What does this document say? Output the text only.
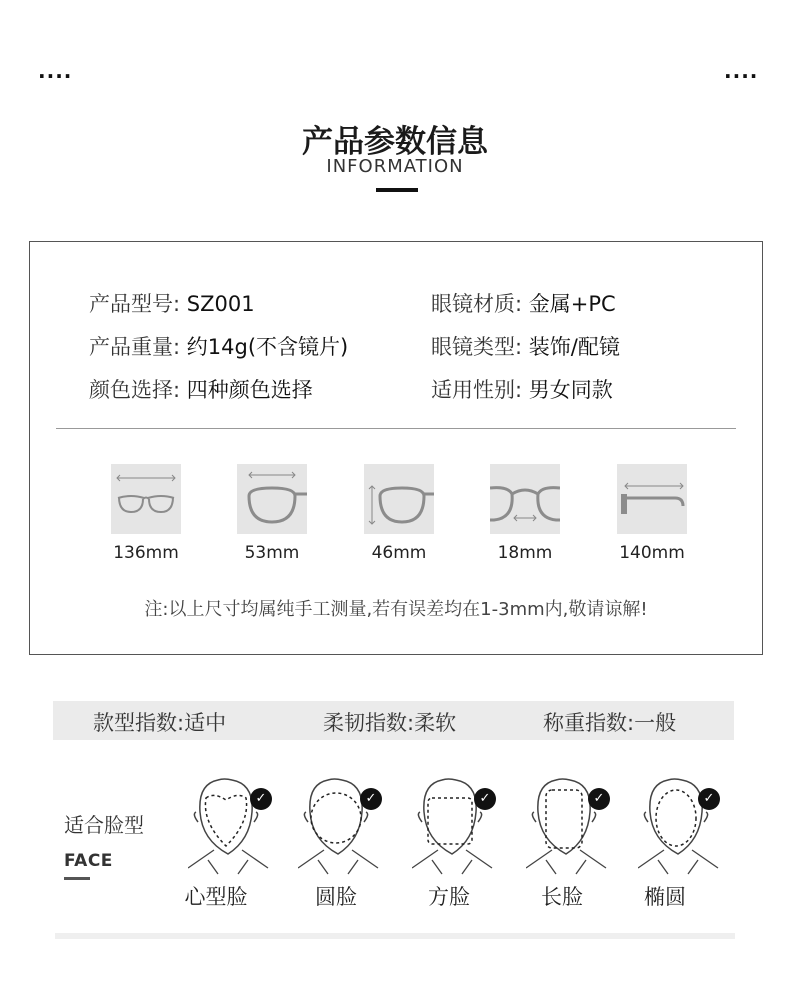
....	....
产品参数信息
INFORMATION
产品型号: SZ001	眼镜材质: 金属+PC
产品重量: 约14g(不含镜片)	眼镜类型: 装饰/配镜
颜色选择: 四种颜色选择	适用性别: 男女同款
136mm	53mm	46mm	18mm	140mm
注:以上尺寸均属纯手工测量,若有误差均在1-3mm内,敬请谅解!
款型指数:适中	柔韧指数:柔软	称重指数:一般
适合脸型
FACE
✓	✓	✓	✓	✓
心型脸	圆脸	方脸	长脸	椭圆
